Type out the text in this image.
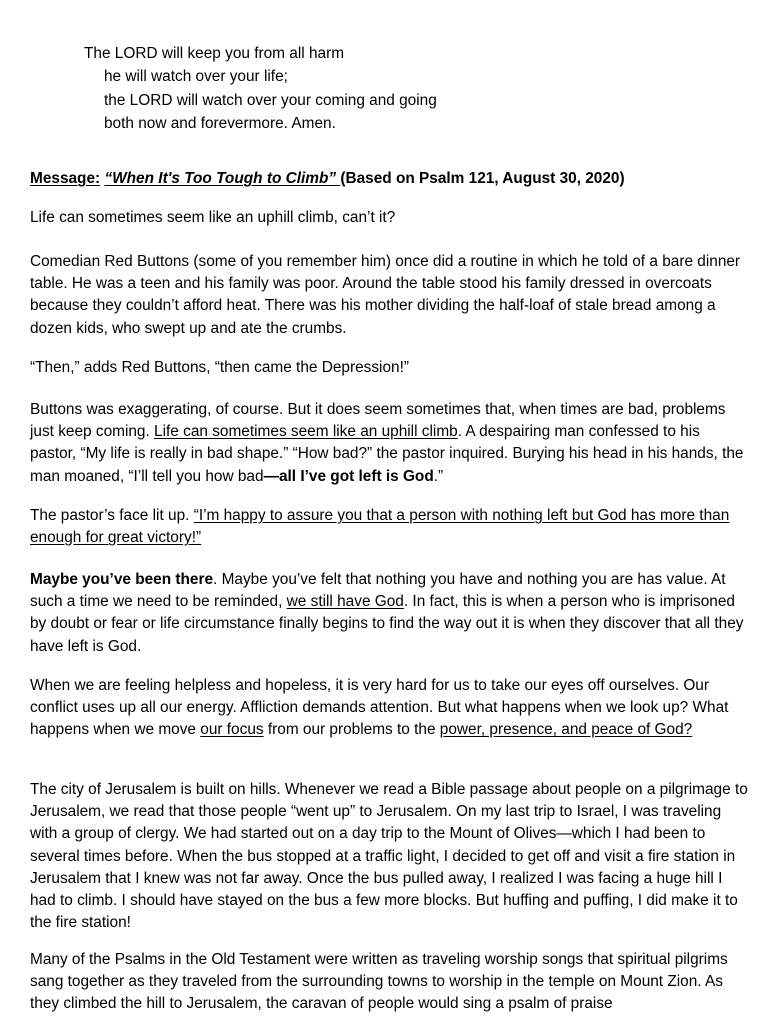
The LORD will keep you from all harm
he will watch over your life;
the LORD will watch over your coming and going
both now and forevermore. Amen.

Message: “When It's Too Tough to Climb” (Based on Psalm 121, August 30, 2020)

Life can sometimes seem like an uphill climb, can’t it?

Comedian Red Buttons (some of you remember him) once did a routine in which he told of a bare dinner table. He was a teen and his family was poor. Around the table stood his family dressed in overcoats because they couldn’t afford heat. There was his mother dividing the half-loaf of stale bread among a dozen kids, who swept up and ate the crumbs.

“Then,” adds Red Buttons, “then came the Depression!”

Buttons was exaggerating, of course. But it does seem sometimes that, when times are bad, problems just keep coming. Life can sometimes seem like an uphill climb. A despairing man confessed to his pastor, “My life is really in bad shape.” “How bad?” the pastor inquired. Burying his head in his hands, the man moaned, “I’ll tell you how bad—all I’ve got left is God.”

The pastor’s face lit up. “I’m happy to assure you that a person with nothing left but God has more than enough for great victory!”

Maybe you’ve been there. Maybe you’ve felt that nothing you have and nothing you are has value. At such a time we need to be reminded, we still have God. In fact, this is when a person who is imprisoned by doubt or fear or life circumstance finally begins to find the way out it is when they discover that all they have left is God.

When we are feeling helpless and hopeless, it is very hard for us to take our eyes off ourselves. Our conflict uses up all our energy. Affliction demands attention. But what happens when we look up? What happens when we move our focus from our problems to the power, presence, and peace of God?

The city of Jerusalem is built on hills. Whenever we read a Bible passage about people on a pilgrimage to Jerusalem, we read that those people “went up” to Jerusalem. On my last trip to Israel, I was traveling with a group of clergy. We had started out on a day trip to the Mount of Olives—which I had been to several times before. When the bus stopped at a traffic light, I decided to get off and visit a fire station in Jerusalem that I knew was not far away. Once the bus pulled away, I realized I was facing a huge hill I had to climb. I should have stayed on the bus a few more blocks. But huffing and puffing, I did make it to the fire station!

Many of the Psalms in the Old Testament were written as traveling worship songs that spiritual pilgrims sang together as they traveled from the surrounding towns to worship in the temple on Mount Zion. As they climbed the hill to Jerusalem, the caravan of people would sing a psalm of praise
